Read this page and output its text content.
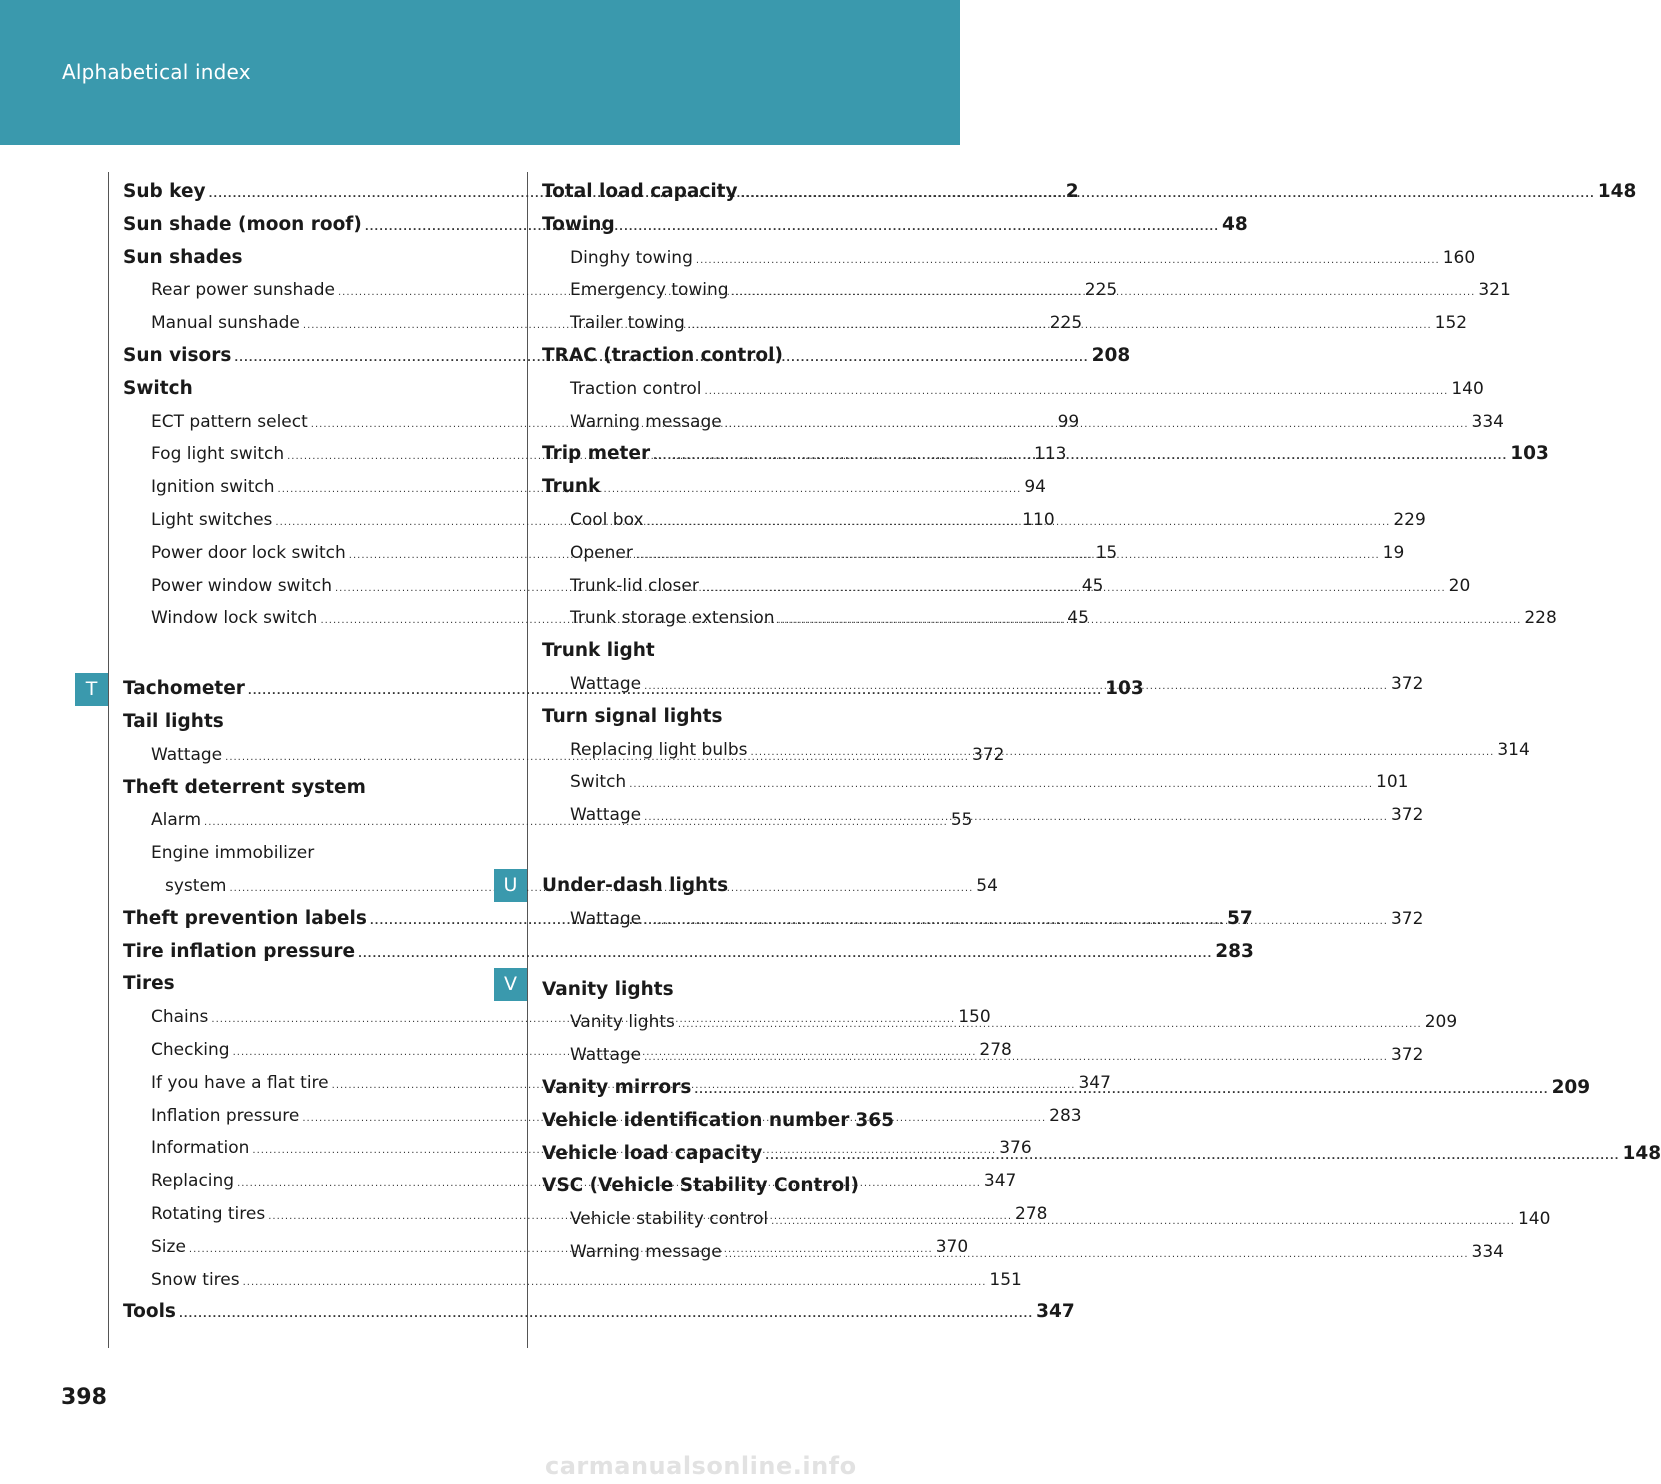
Alphabetical index
Sub key .....	2
Sun shade (moon roof) .....	48
Sun shades
Rear power sunshade .....	225
Manual sunshade .....	225
Sun visors .....	208
Switch
ECT pattern select .....	99
Fog light switch .....	113
Ignition switch .....	94
Light switches .....	110
Power door lock switch .....	15
Power window switch .....	45
Window lock switch .....	45
Tachometer .....	103
Tail lights
Wattage .....	372
Theft deterrent system
Alarm .....	55
Engine immobilizer
system .....	54
Theft prevention labels .....	57
Tire inflation pressure .....	283
Tires
Chains .....	150
Checking .....	278
If you have a flat tire .....	347
Inflation pressure .....	283
Information .....	376
Replacing .....	347
Rotating tires .....	278
Size .....	370
Snow tires .....	151
Tools .....	347
Total load capacity .....	148
Towing
Dinghy towing .....	160
Emergency towing .....	321
Trailer towing .....	152
TRAC (traction control)
Traction control .....	140
Warning message .....	334
Trip meter .....	103
Trunk
Cool box .....	229
Opener .....	19
Trunk-lid closer .....	20
Trunk storage extension .....	228
Trunk light
Wattage .....	372
Turn signal lights
Replacing light bulbs .....	314
Switch .....	101
Wattage .....	372
Under-dash lights
Wattage .....	372
Vanity lights
Vanity lights .....	209
Wattage .....	372
Vanity mirrors .....	209
Vehicle identification number 365
Vehicle load capacity .....	148
VSC (Vehicle Stability Control)
Vehicle stability control .....	140
Warning message .....	334
T
U
V
398
carmanualsonline.info
